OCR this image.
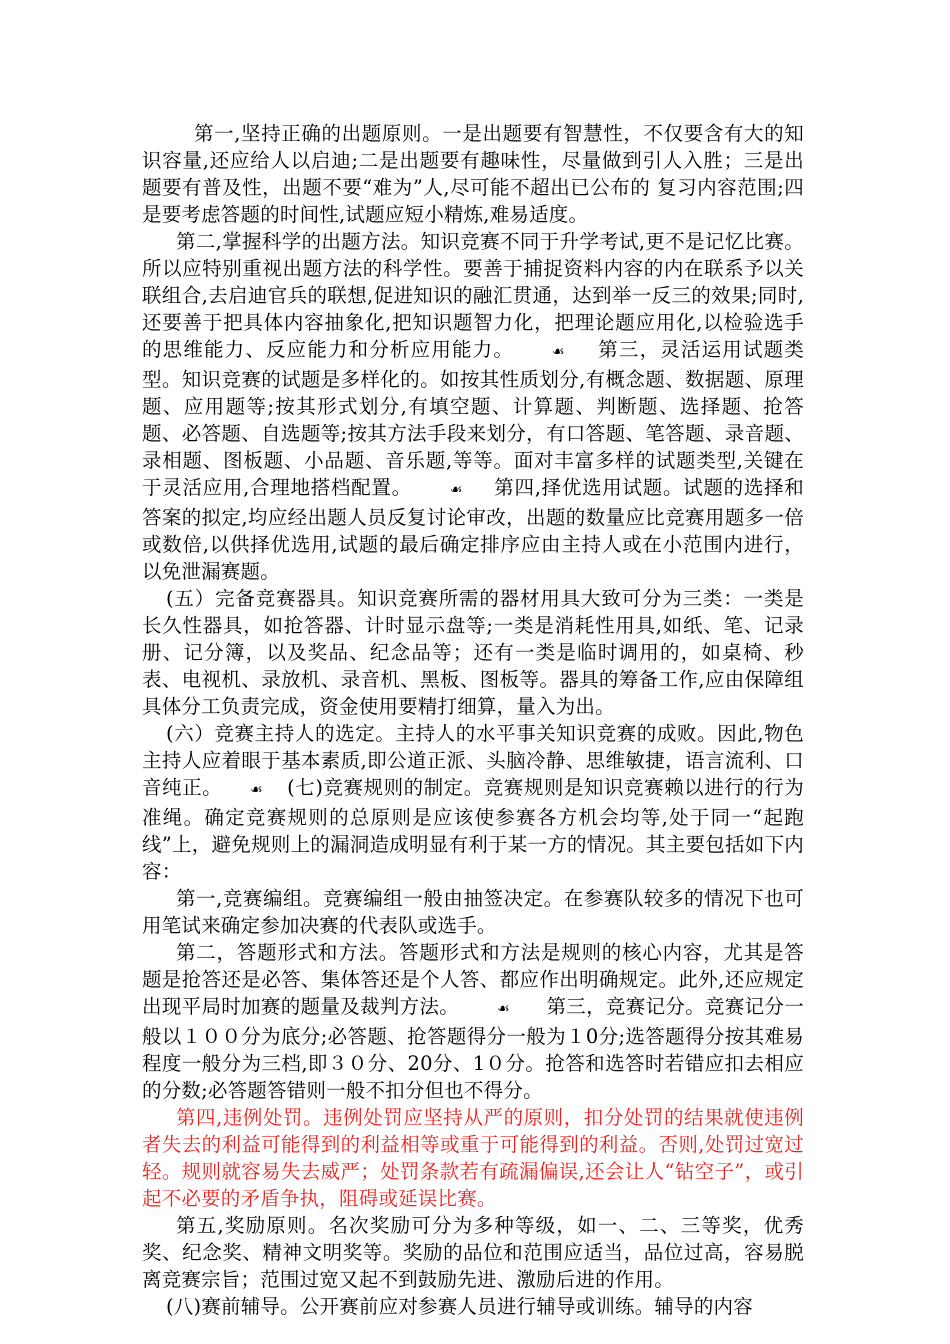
第一,坚持正确的出题原则。一是出题要有智慧性，不仅要含有大的知识容量,还应给人以启迪;二是出题要有趣味性，尽量做到引人入胜；三是出题要有普及性，出题不要“难为”人,尽可能不超出已公布的 复习内容范围;四是要考虑答题的时间性,试题应短小精炼,难易适度。

第二,掌握科学的出题方法。知识竞赛不同于升学考试,更不是记忆比赛。所以应特别重视出题方法的科学性。要善于捕捉资料内容的内在联系予以关联组合,去启迪官兵的联想,促进知识的融汇贯通，达到举一反三的效果;同时,还要善于把具体内容抽象化,把知识题智力化，把理论题应用化,以检验选手的思维能力、反应能力和分析应用能力。	☙ 第三，灵活运用试题类型。知识竞赛的试题是多样化的。如按其性质划分,有概念题、数据题、原理题、应用题等;按其形式划分,有填空题、计算题、判断题、选择题、抢答题、必答题、自选题等;按其方法手段来划分，有口答题、笔答题、录音题、录相题、图板题、小品题、音乐题,等等。面对丰富多样的试题类型,关键在于灵活应用,合理地搭档配置。	☙ 第四,择优选用试题。试题的选择和答案的拟定,均应经出题人员反复讨论审改，出题的数量应比竞赛用题多一倍或数倍,以供择优选用,试题的最后确定排序应由主持人或在小范围内进行，以免泄漏赛题。

(五）完备竞赛器具。知识竞赛所需的器材用具大致可分为三类：一类是长久性器具，如抢答器、计时显示盘等;一类是消耗性用具,如纸、笔、记录册、记分簿，以及奖品、纪念品等；还有一类是临时调用的，如桌椅、秒表、电视机、录放机、录音机、黑板、图板等。器具的筹备工作,应由保障组具体分工负责完成，资金使用要精打细算，量入为出。

(六）竞赛主持人的选定。主持人的水平事关知识竞赛的成败。因此,物色主持人应着眼于基本素质,即公道正派、头脑冷静、思维敏捷，语言流利、口音纯正。 ☙ (七)竞赛规则的制定。竞赛规则是知识竞赛赖以进行的行为准绳。确定竞赛规则的总原则是应该使参赛各方机会均等,处于同一“起跑线”上，避免规则上的漏洞造成明显有利于某一方的情况。其主要包括如下内容：

第一,竞赛编组。竞赛编组一般由抽签决定。在参赛队较多的情况下也可用笔试来确定参加决赛的代表队或选手。

第二，答题形式和方法。答题形式和方法是规则的核心内容，尤其是答题是抢答还是必答、集体答还是个人答、都应作出明确规定。此外,还应规定出现平局时加赛的题量及裁判方法。	☙ 第三，竞赛记分。竞赛记分一般以１００分为底分;必答题、抢答题得分一般为１0分;选答题得分按其难易程度一般分为三档,即３０分、20分、1０分。抢答和选答时若错应扣去相应的分数;必答题答错则一般不扣分但也不得分。

第四,违例处罚。违例处罚应坚持从严的原则，扣分处罚的结果就使违例者失去的利益可能得到的利益相等或重于可能得到的利益。否则,处罚过宽过轻。规则就容易失去威严；处罚条款若有疏漏偏误,还会让人“钻空子”，或引起不必要的矛盾争执，阻碍或延误比赛。

第五,奖励原则。名次奖励可分为多种等级，如一、二、三等奖，优秀奖、纪念奖、精神文明奖等。奖励的品位和范围应适当，品位过高，容易脱离竞赛宗旨；范围过宽又起不到鼓励先进、激励后进的作用。

(八)赛前辅导。公开赛前应对参赛人员进行辅导或训练。辅导的内容
